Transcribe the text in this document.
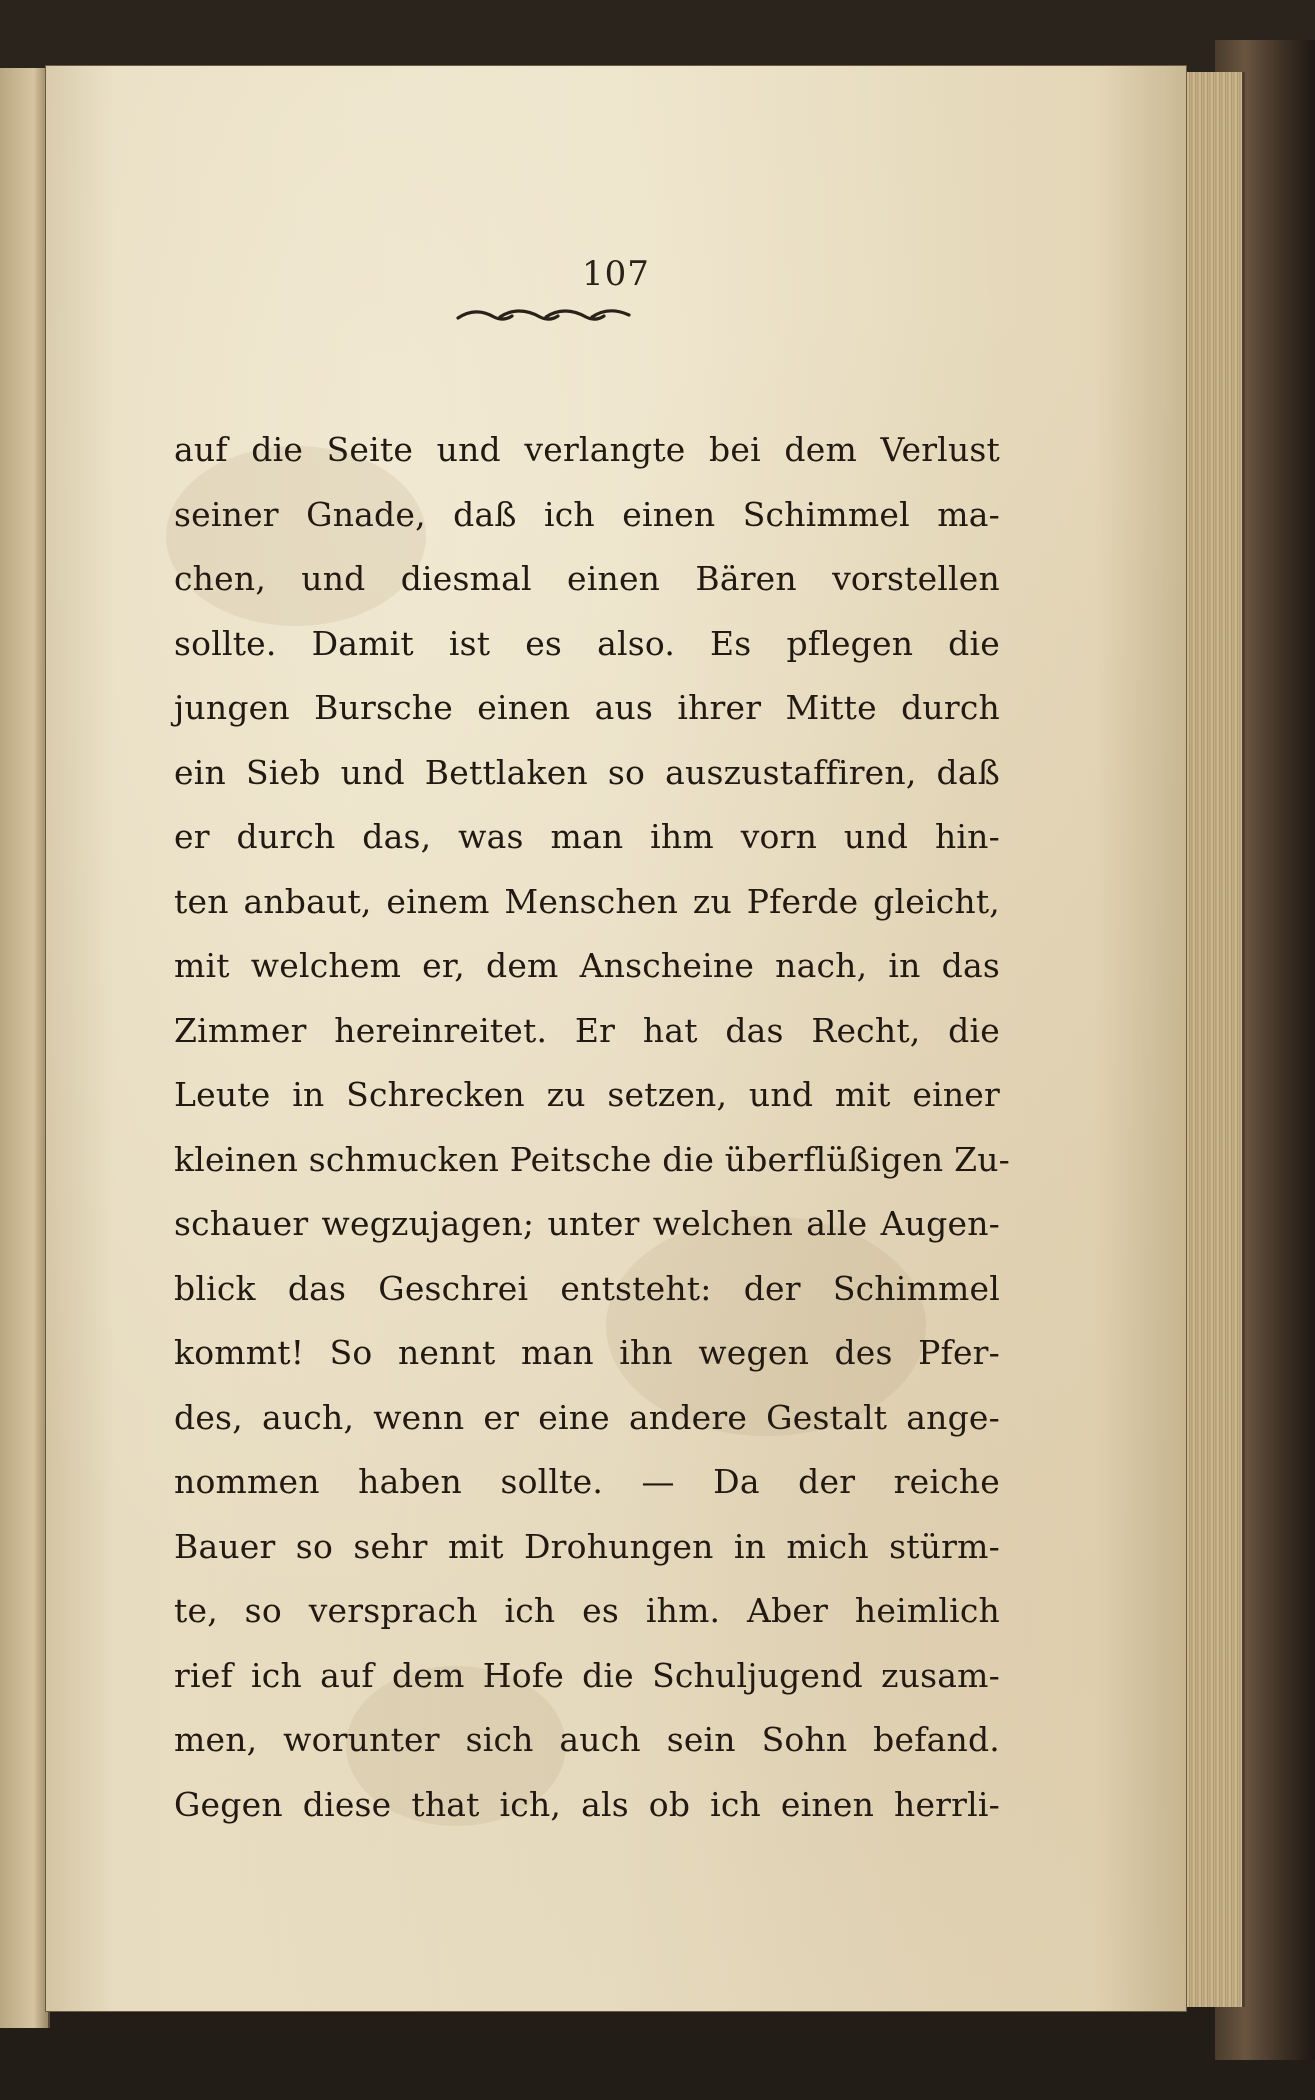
107
auf die Seite und verlangte bei dem Verlust
seiner Gnade, daß ich einen Schimmel ma-
chen, und diesmal einen Bären vorstellen
sollte. Damit ist es also. Es pflegen die
jungen Bursche einen aus ihrer Mitte durch
ein Sieb und Bettlaken so auszustaffiren, daß
er durch das, was man ihm vorn und hin-
ten anbaut, einem Menschen zu Pferde gleicht,
mit welchem er, dem Anscheine nach, in das
Zimmer hereinreitet. Er hat das Recht, die
Leute in Schrecken zu setzen, und mit einer
kleinen schmucken Peitsche die überflüßigen Zu-
schauer wegzujagen; unter welchen alle Augen-
blick das Geschrei entsteht: der Schimmel
kommt! So nennt man ihn wegen des Pfer-
des, auch, wenn er eine andere Gestalt ange-
nommen haben sollte. — Da der reiche
Bauer so sehr mit Drohungen in mich stürm-
te, so versprach ich es ihm. Aber heimlich
rief ich auf dem Hofe die Schuljugend zusam-
men, worunter sich auch sein Sohn befand.
Gegen diese that ich, als ob ich einen herrli-
